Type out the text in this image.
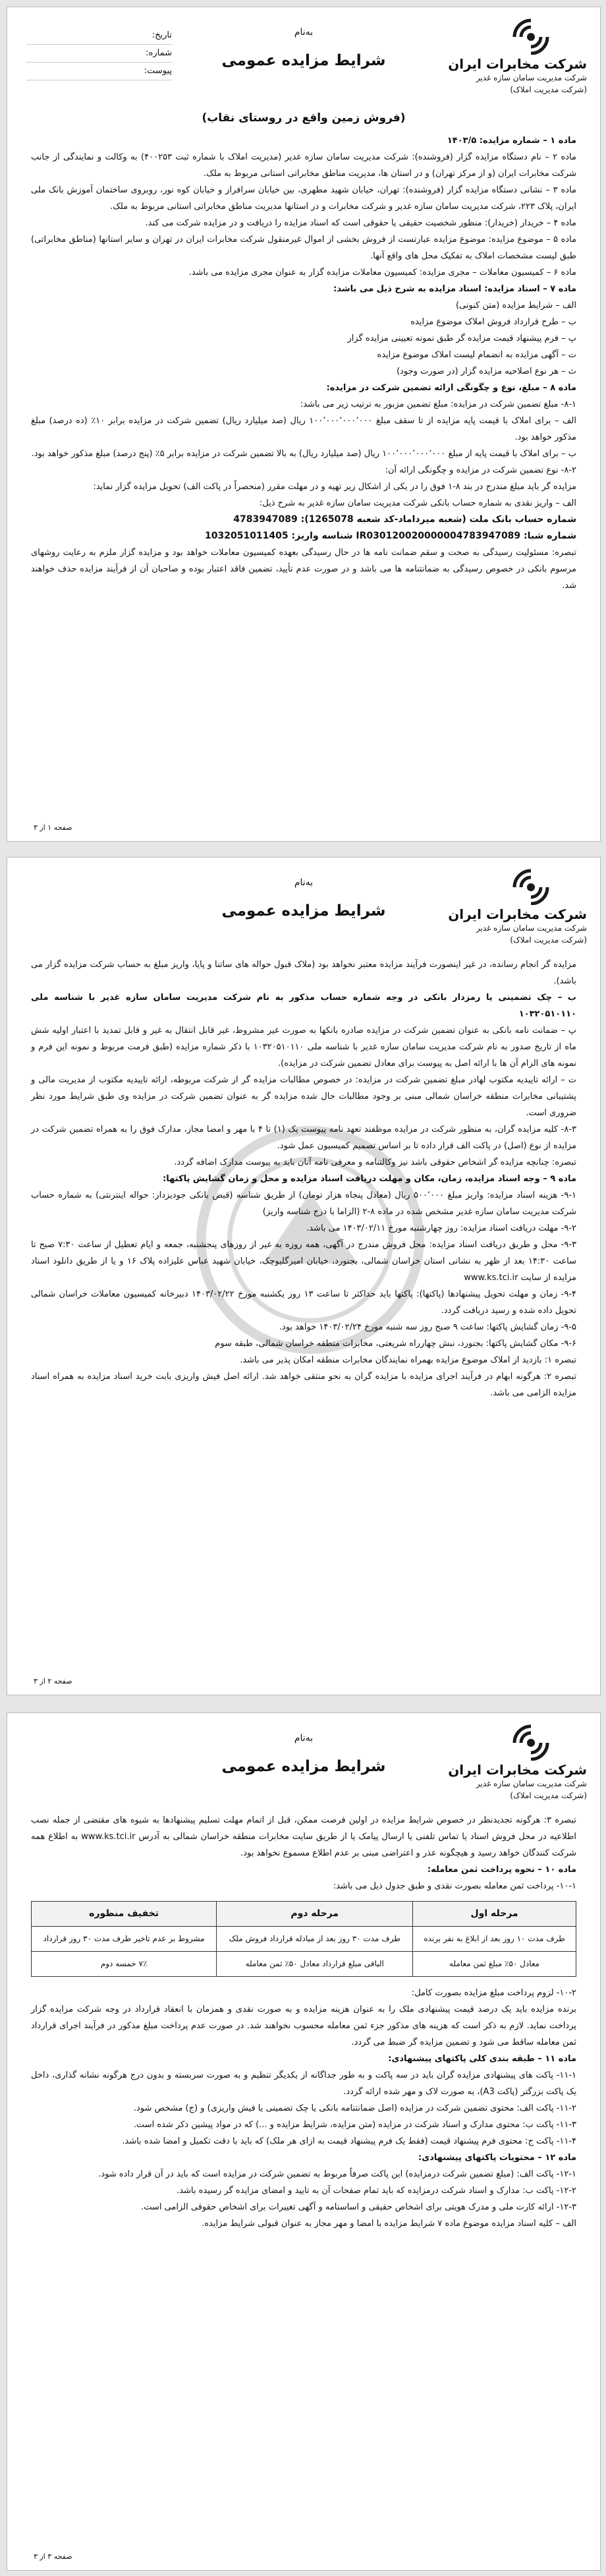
شرکت مخابرات ایران
شرکت مدیریت سامان سازه غدیر
(شرکت مدیریت املاک)
به‌نام
شرایط مزایده عمومی
تاریخ:
شماره:
پیوست:
(فروش زمین واقع در روستای نقاب)

ماده ۱ – شماره مزایده: ۱۴۰۳/۵

ماده ۲ – نام دستگاه مزایده گزار (فروشنده): شرکت مدیریت سامان سازه غدیر (مدیریت املاک با شماره ثبت ۴۰۰۲۵۳) به وکالت و نمایندگی از جانب شرکت مخابرات ایران (و از مرکز تهران) و در استان ها، مدیریت مناطق مخابراتی استانی مربوط به ملک.

ماده ۳ – نشانی دستگاه مزایده گزار (فروشنده): تهران، خیابان شهید مطهری، بین خیابان سرافراز و خیابان کوه نور، روبروی ساختمان آموزش بانک ملی ایران، پلاک ۲۲۳، شرکت مدیریت سامان سازه غدیر و شرکت مخابرات و در استانها مدیریت مناطق مخابراتی استانی مربوط به ملک.

ماده ۴ – خریدار (خریدار): منظور شخصیت حقیقی یا حقوقی است که اسناد مزایده را دریافت و در مزایده شرکت می کند.

ماده ۵ – موضوع مزایده: موضوع مزایده عبارتست از فروش بخشی از اموال غیرمنقول شرکت مخابرات ایران در تهران و سایر استانها (مناطق مخابراتی) طبق لیست مشخصات املاک به تفکیک محل های واقع آنها.

ماده ۶ – کمیسیون معاملات – مجری مزایده: کمیسیون معاملات مزایده گزار به عنوان مجری مزایده می باشد.

ماده ۷ – اسناد مزایده: اسناد مزایده به شرح ذیل می باشد:

الف – شرایط مزایده (متن کنونی)

ب – طرح قرارداد فروش املاک موضوع مزایده

پ – فرم پیشنهاد قیمت مزایده گر طبق نمونه تعیینی مزایده گزار

ت – آگهی مزایده به انضمام لیست املاک موضوع مزایده

ث – هر نوع اصلاحیه مزایده گزار (در صورت وجود)

ماده ۸ – مبلغ، نوع و چگونگی ارائه تضمین شرکت در مزایده:

۸-۱- مبلغ تضمین شرکت در مزایده: مبلغ تضمین مزبور به ترتیب زیر می باشد:

الف – برای املاک با قیمت پایه مزایده از تا سقف مبلغ ۱۰۰٬۰۰۰٬۰۰۰٬۰۰۰ ریال (صد میلیارد ریال) تضمین شرکت در مزایده برابر ۱۰٪ (ده درصد) مبلغ مذکور خواهد بود.

ب – برای املاک با قیمت پایه از مبلغ ۱۰۰٬۰۰۰٬۰۰۰٬۰۰۰ ریال (صد میلیارد ریال) به بالا تضمین شرکت در مزایده برابر ۵٪ (پنج درصد) مبلغ مذکور خواهد بود.

۸-۲- نوع تضمین شرکت در مزایده و چگونگی ارائه آن:

مزایده گر باید مبلغ مندرج در بند ۸-۱ فوق را در یکی از اشکال زیر تهیه و در مهلت مقرر (منحصراً در پاکت الف) تحویل مزایده گزار نماید:

الف – واریز نقدی به شماره حساب بانکی شرکت مدیریت سامان سازه غدیر به شرح ذیل:

شماره حساب بانک ملت (شعبه میرداماد-کد شعبه 1265078): 4783947089

شماره شبا: IR030120020000004783947089 شناسه واریز: 1032051011405

تبصره: مسئولیت رسیدگی به صحت و سقم ضمانت نامه ها در حال رسیدگی بعهده کمیسیون معاملات خواهد بود و مزایده گزار ملزم به رعایت روشهای مرسوم بانکی در خصوص رسیدگی به ضمانتنامه ها می باشد و در صورت عدم تأیید، تضمین فاقد اعتبار بوده و صاحبان آن از فرآیند مزایده حذف خواهند شد.

صفحه ۱ از ۳
شرکت مخابرات ایران
شرکت مدیریت سامان سازه غدیر
(شرکت مدیریت املاک)
به‌نام
شرایط مزایده عمومی

مزایده گر انجام رسانده، در غیر اینصورت فرآیند مزایده معتبر نخواهد بود (ملاک قبول حواله های ساتنا و پایا، واریز مبلغ به حساب شرکت مزایده گزار می باشد).

ب – چک تضمینی یا رمزدار بانکی در وجه شماره حساب مذکور به نام شرکت مدیریت سامان سازه غدیر با شناسه ملی ۱۰۳۲۰۵۱۰۱۱۰

پ – ضمانت نامه بانکی به عنوان تضمین شرکت در مزایده صادره بانکها به صورت غیر مشروط، غیر قابل انتقال به غیر و قابل تمدید با اعتبار اولیه شش ماه از تاریخ صدور به نام شرکت مدیریت سامان سازه غدیر با شناسه ملی ۱۰۳۲۰۵۱۰۱۱۰ با ذکر شماره مزایده (طبق فرمت مربوط و نمونه این فرم و نمونه های الزام آن ها با ارائه اصل به پیوست برای معادل تضمین شرکت در مزایده).

ت – ارائه تاییدیه مکتوب لهادر مبلغ تضمین شرکت در مزایده: در خصوص مطالبات مزایده گر از شرکت مربوطه، ارائه تاییدیه مکتوب از مدیریت مالی و پشتیبانی مخابرات منطقه خراسان شمالی مبنی بر وجود مطالبات حال شده مزایده گر به عنوان تضمین شرکت در مزایده وی طبق شرایط مورد نظر ضروری است.

۸-۳- کلیه مزایده گران، به منظور شرکت در مزایده موظفند تعهد نامه پیوست یک (۱) تا ۴ با مهر و امضا مجاز، مدارک فوق را به همراه تضمین شرکت در مزایده از نوع (اصل) در پاکت الف قرار داده تا بر اساس تصمیم کمیسیون عمل شود.

تبصره: چنانچه مزایده گر اشخاص حقوقی باشد نیز وکالتنامه و معرفی نامه آنان باید به پیوست مدارک اضافه گردد.

ماده ۹ – وجه اسناد مزایده، زمان، مکان و مهلت دریافت اسناد مزایده و محل و زمان گشایش پاکتها:

۹-۱- هزینه اسناد مزایده: واریز مبلغ ۵۰۰٬۰۰۰ ریال (معادل پنجاه هزار تومان) از طریق شناسه (قبض بانکی جودیزدار: حواله اینترنتی) به شماره حساب شرکت مدیریت سامان سازه غدیر مشخص شده در ماده ۸-۲ (الزاما با درج شناسه واریز)

۹-۲- مهلت دریافت اسناد مزایده: روز چهارشنبه مورخ ۱۴۰۳/۰۲/۱۱ می باشد.

۹-۳- محل و طریق دریافت اسناد مزایده: محل فروش مندرج در آگهی، همه روزه به غیر از روزهای پنجشنبه، جمعه و ایام تعطیل از ساعت ۷:۳۰ صبح تا ساعت ۱۴:۳۰ بعد از ظهر به نشانی استان خراسان شمالی، بجنورد، خیابان امیرگلیوچک، خیابان شهید عباس علیزاده پلاک ۱۶ و یا از طریق دانلود اسناد مزایده از سایت www.ks.tci.ir

۹-۴- زمان و مهلت تحویل پیشنهادها (پاکتها): پاکتها باید حداکثر تا ساعت ۱۳ روز یکشنبه مورخ ۱۴۰۳/۰۲/۲۲ دبیرخانه کمیسیون معاملات خراسان شمالی تحویل داده شده و رسید دریافت گردد.

۹-۵- زمان گشایش پاکتها: ساعت ۹ صبح روز سه شنبه مورخ ۱۴۰۳/۰۲/۲۴ خواهد بود.

۹-۶- مکان گشایش پاکتها: بجنورد، نبش چهارراه شریعتی، مخابرات منطقه خراسان شمالی، طبقه سوم

تبصره ۱: بازدید از املاک موضوع مزایده بهمراه نمایندگان مخابرات منطقه امکان پذیر می باشد.

تبصره ۲: هرگونه ابهام در فرآیند اجرای مزایده با مزایده گران به نحو منتقی خواهد شد. ارائه اصل فیش واریزی بابت خرید اسناد مزایده به همراه اسناد مزایده الزامی می باشد.

صفحه ۲ از ۳
شرکت مخابرات ایران
شرکت مدیریت سامان سازه غدیر
(شرکت مدیریت املاک)
به‌نام
شرایط مزایده عمومی

تبصره ۳: هرگونه تجدیدنظر در خصوص شرایط مزایده در اولین فرصت ممکن، قبل از اتمام مهلت تسلیم پیشنهادها به شیوه های مقتضی از جمله نصب اطلاعیه در محل فروش اسناد یا تماس تلفنی یا ارسال پیامک یا از طریق سایت مخابرات منطقه خراسان شمالی به آدرس www.ks.tci.ir به اطلاع همه شرکت کنندگان خواهد رسید و هیچگونه عذر و اعتراضی مبنی بر عدم اطلاع مسموع نخواهد بود.

ماده ۱۰ – نحوه پرداخت ثمن معامله:

۱۰-۱- پرداخت ثمن معامله بصورت نقدی و طبق جدول ذیل می باشد:

مرحله اول	مرحله دوم	تخفیف منظوره
طرف مدت ۱۰ روز بعد از ابلاغ به نفر برنده	طرف مدت ۳۰ روز بعد از مبادله قرارداد فروش ملک	مشروط بر عدم تاخیر طرف مدت ۳۰ روز قرارداد
معادل ۵۰٪ مبلغ ثمن معامله	الباقی مبلغ قرارداد معادل ۵۰٪ ثمن معامله	۷٪ خمسه دوم

۱۰-۲- لزوم پرداخت مبلغ مزایده بصورت کامل:

برنده مزایده باید یک درصد قیمت پیشنهادی ملک را به عنوان هزینه مزایده و به صورت نقدی و همزمان با انعقاد قرارداد در وجه شرکت مزایده گزار پرداخت نماید. لازم به ذکر است که هزینه های مذکور جزء ثمن معامله محسوب نخواهند شد. در صورت عدم پرداخت مبلغ مذکور در فرآیند اجرای قرارداد ثمن معامله ساقط می شود و تضمین مزایده گر ضبط می گردد.

ماده ۱۱ – طبقه بندی کلی پاکتهای پیشنهادی:

۱۱-۱- پاکت های پیشنهادی مزایده گران باید در سه پاکت و به طور جداگانه از یکدیگر تنظیم و به صورت سربسته و بدون درج هرگونه نشانه گذاری، داخل یک پاکت بزرگتر (پاکت A3)، به صورت لاک و مهر شده ارائه گردد.

۱۱-۲- پاکت الف: محتوی تضمین شرکت در مزایده (اصل ضمانتنامه بانکی یا چک تضمینی یا فیش واریزی) و (ج) مشخص شود.

۱۱-۳- پاکت ب: محتوی مدارک و اسناد شرکت در مزایده (متن مزایده، شرایط مزایده و ...) که در مواد پیشین ذکر شده است.

۱۱-۴- پاکت ج: محتوی فرم پیشنهاد قیمت (فقط یک فرم پیشنهاد قیمت به ازای هر ملک) که باید با دقت تکمیل و امضا شده باشد.

ماده ۱۲ – محتویات پاکتهای پیشنهادی:

۱۲-۱- پاکت الف: (مبلغ تضمین شرکت درمزایده) این پاکت صرفاً مربوط به تضمین شرکت در مزایده است که باید در آن قرار داده شود.

۱۲-۲- پاکت ب: مدارک و اسناد شرکت درمزایده که باید تمام صفحات آن به تایید و امضای مزایده گر رسیده باشد.

۱۲-۳- ارائه کارت ملی و مدرک هویتی برای اشخاص حقیقی و اساسنامه و آگهی تغییرات برای اشخاص حقوقی الزامی است.

الف – کلیه اسناد مزایده موضوع ماده ۷ شرایط مزایده با امضا و مهر مجاز به عنوان قبولی شرایط مزایده.

صفحه ۳ از ۳
